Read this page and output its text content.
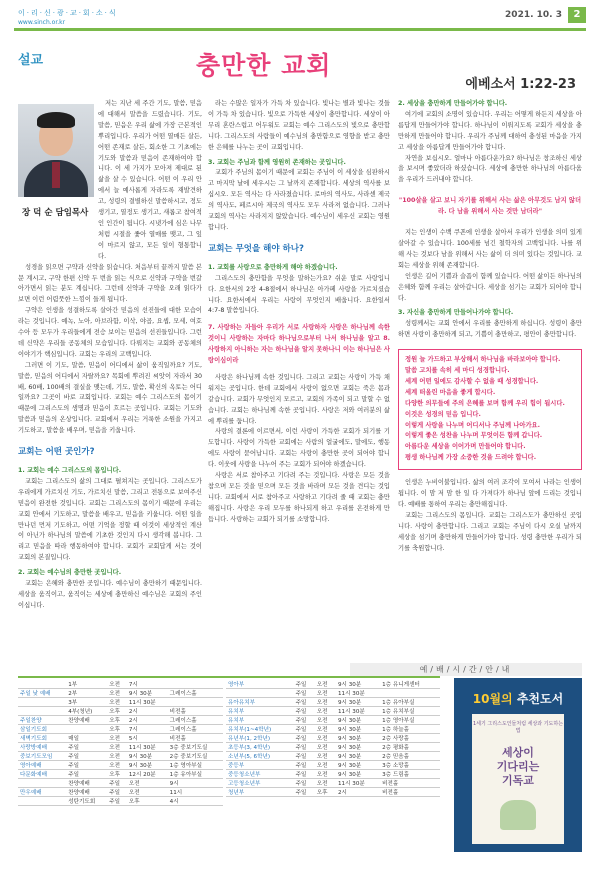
이·리·신·광·교·회·소·식
www.sinch.or.kr
2021. 10. 3	2
설교	충만한 교회
에베소서 1:22-23
장 덕 순 담임목사

저는 지난 세 주간 기도, 말씀, 믿음에 대해서 말씀을 드렸습니다. 기도, 말씀, 믿음은 우리 삶에 가장 근본적인 뿌리입니다. 우리가 어떤 열매든 살든, 어떤 존재로 살든, 회소한 그 기초에는 기도와 말씀과 믿음이 존재하여야 합니다. 이 세 가지가 모아져 제대로 된 삶을 살 수 있습니다. 어떤 이 우리 안에서 늘 예사롭게 자라도록 재발견하고, 성령의 결별하신 말씀하시고, 정도 생기고, 열정도 생기고, 새롭고 참여적인 인간이 됩니다. 시냇가에 심은 나무처럼 시절을 좇아 열매를 맺고, 그 잎이 마르지 않고, 모든 일이 형통합니다.

성경을 읽으면 구약과 신약을 읽습니다. 처음부터 끝까지 말씀 본문 계시고, 구약 한편 신약 두 번을 읽는 식으로 신약과 구약을 번갈아가면서 읽는 분도 계십니다. 그런데 신약과 구약을 오래 읽다가 보면 이런 어렴풋한 느낌이 들게 됩니다.

구약은 인생을 성결하도록 살아간 믿음의 선진들에 대한 모습이라는 것입니다. 예녹, 노아, 아브라함, 이삭, 야곱, 요셉, 모세, 여호수아 등 모두가 우리들에게 전승 보이는 믿음의 선진들입니다. 그런데 신약은 우리들 공동체의 모습입니다. 다뤄지는 교회와 공동체의 이야기가 핵심입니다. 교회는 우리의 고백입니다.

그러면 이 기도, 말씀, 믿음이 어디에서 삶이 움직일까요? 기도, 말씀, 믿음의 어디에서 자랄까요? 목회에 뿌려진 씨앗이 자라서 30배, 60배, 100배의 결실을 맺는데, 기도, 말씀, 확신의 옥토는 어디일까요? 그곳이 바로 교회입니다. 교회는 예수 그리스도의 몸이기 때문에 그리스도의 생명과 믿음이 흐르는 곳입니다. 교회는 기도와 말씀과 믿음의 온상입니다. 교회에서 우리는 거룩한 소원을 가지고 기도하고, 말씀을 배우며, 믿음을 키웁니다.

교회는 어떤 곳인가?
1. 교회는 예수 그리스도의 몸입니다.

교회는 그리스도의 삶의 그대로 펼쳐지는 곳입니다. 그리스도가 우리에게 가르치신 기도, 가르치신 말씀, 그리고 전통으로 보여주신 믿음이 완전한 것입니다. 교회는 그리스도의 몸이기 때문에 우리는 교회 안에서 기도하고, 말씀을 배우고, 믿음을 키웁니다. 어떤 일을 만나던 먼저 기도하고, 어떤 기억을 정할 때 이것이 세상적인 계산이 아닌가 하나님의 말씀에 기초한 것인지 다시 생각해 봅니다. 그리고 믿음을 따라 행동하여야 합니다. 교회가 교회답게 서는 것이 교회의 본질입니다.

2. 교회는 예수님의 충만한 곳입니다.

교회는 은혜와 충만한 곳입니다. 예수님이 충만하기 때문입니다. 세상을 움직이고, 움직이는 세상에 충만하신 예수님은 교회의 주인이십니다.

라는 수많은 일자가 가득 차 있습니다. 빛나는 별과 빛나는 것들이 가득 차 있습니다. 빛으로 가득한 세상이 충만합니다. 세상이 아무리 혼란스럽고 어두워도 교회는 예수 그리스도의 빛으로 충만합니다. 그리스도의 사람들이 예수님의 충만함으로 영향을 받고 충만한 은혜를 나누는 곳이 교회입니다.

3. 교회는 주님과 함께 영원히 존재하는 곳입니다.

교회가 주님의 몸이기 때문에 교회는 주님이 이 세상을 심판하시고 마지막 날에 세우시는 그 날까지 존재합니다. 세상의 역사를 보십시오. 모든 역사는 다 사라졌습니다. 로마의 역사도, 사라센 제국의 역사도, 페르시아 제국의 역사도 모두 사라져 없습니다. 그러나 교회의 역사는 사라지지 않았습니다. 예수님이 세우신 교회는 영원합니다.

교회는 무엇을 해야 하나?
1. 교회를 사랑으로 충만하게 해야 하겠습니다.

그리스도의 충만함을 무엇을 말하는가요? 쉬운 말로 사랑입니다. 요한서의 2장 4-8절에서 하나님은 아가페 사랑을 가르치셨습니다. 요한서에서 우리는 사랑이 무엇인지 배웁니다. 요한일서 4:7-8 말씀입니다.

7. 사랑하는 자들아 우리가 서로 사랑하자 사랑은 하나님께 속한 것이니 사랑하는 자마다 하나님으로부터 나서 하나님을 알고 8. 사랑하지 아니하는 자는 하나님을 알지 못하나니 이는 하나님은 사랑이심이라

사랑은 하나님께 속한 것입니다. 그리고 교회는 사랑이 가득 채워지는 곳입니다. 한데 교회에서 사랑이 없으면 교회는 죽은 몸과 같습니다. 교회가 무엇인지 모르고, 교회의 가족이 되고 말할 수 없습니다. 교회는 하나님께 속한 곳입니다. 사랑은 저와 여러분의 삶에 뿌리를 둡니다.

사랑의 결론에 이르면서, 이런 사랑이 가득한 교회가 되기를 기도합니다. 사랑이 가득한 교회에는 사람의 얼굴에도, 말에도, 행동에도 사랑이 묻어납니다. 교회는 사랑이 충만한 곳이 되어야 합니다. 이웃에 사랑을 나누어 주는 교회가 되어야 하겠습니다.

사랑은 서로 참아주고 기다려 주는 것입니다. 사랑은 모든 것을 참으며 모든 것을 믿으며 모든 것을 바라며 모든 것을 견디는 것입니다. 교회에서 서로 참아주고 사랑하고 기다려 줄 때 교회는 충만해집니다. 사랑은 우리 모두를 하나되게 하고 우리를 온전하게 만듭니다. 사랑하는 교회가 되기를 소망합니다.

2. 세상을 충만하게 만들어가야 합니다.

여기에 교회의 소명이 있습니다. 우리는 어떻게 하든지 세상을 아름답게 만들어가야 합니다. 하나님이 이뤄지도록 교회가 세상을 충만하게 만들어야 합니다. 우리가 주님께 대하여 충성된 마음을 가지고 세상을 아름답게 만들어가야 합니다.

자연을 보십시오. 얼마나 아름다운가요? 하나님은 창조하신 세상을 보시며 좋았더라 하셨습니다. 세상에 충만한 하나님의 아름다움을 우리가 드러내야 합니다.

"100살을 살고 보니 자기를 위해서 사는 삶은 아무것도 남지 않더라. 다 남을 위해서 사는 것만 남더라"

지는 인생이 수백 쿠폰에 인생을 살아서 우리가 인생을 의미 있게 살아갈 수 있습니다. 100세를 넘긴 철학자의 고백입니다. 나를 위해 사는 것보다 남을 위해서 사는 삶이 더 의미 있다는 것입니다. 교회는 세상을 위해 존재합니다.

인생은 길어 기쁨과 슬픔이 함께 있습니다. 어떤 삶이든 하나님의 은혜와 함께 우리는 살아갑니다. 세상을 섬기는 교회가 되어야 합니다.

3. 자신을 충만하게 만들어나가야 합니다.

성령께서는 교회 안에서 우리를 충만하게 하십니다. 성령이 충만하면 사랑이 충만하게 되고, 기쁨이 충만하고, 평안이 충만합니다.

정원 늘 가드하고 부상해서 하나님을 바라보아야 합니다.
말씀 고치를 속히 세 마디 성경합니다.
세계 어떤 일에도 감사할 수 없을 때 성경합니다.
세계 떠올린 마음을 좋게 합시다.
다양한 의무들에 주의 은혜를 보며 함께 우리 힘이 됩시다.
이것은 성경의 믿음 입니다.
이렇게 사랑을 나누며 어디서나 주님께 나아가요.
이렇게 좋은 성찬을 나누며 무엇이든 함께 갑니다.
아름다운 세상을 이어가며 만들어야 합니다.
평생 하나님께 가장 소중한 것을 드려야 합니다.

인생은 누비이불입니다. 삶의 여러 조각이 모여서 나라는 인생이 됩니다. 이 맘 저 맘 한 일 다 가져다가 하나님 앞에 드리는 것입니다. 예배를 통하여 우리는 충만해집니다.

교회는 그리스도의 몸입니다. 교회는 그리스도가 충만하신 곳입니다. 사랑이 충만합니다. 그리고 교회는 주님이 다시 오실 날까지 세상을 섬기며 충만하게 만들어가야 합니다. 성령 충만한 우리가 되기를 축원합니다.

예/배/시/간/안/내
	1부	오전	7시	
주일 낮 예배	2부	오전	9시 30분	그레이스홀
	3부	오전	11시 30분	
	4부(청년)	오후	2시	비전홀
주일찬양	찬양예배	오후	2시	그레이스홀
삼일기도회		오후	7시	그레이스홀
새벽기도회	매일	오전	5시	비전홀
사랑방예배	주일	오전	11시 30분	3층 중보기도실
중보기도모임	주일	오전	9시 30분	2층 중보기도실
영아예배	주일	오전	9시 30분	1층 영아부실
다문화예배	주일	오후	12시 20분	1층 유아부실
	찬양예배	주일	오전	9시
만우예배	찬양예배	주일	오전	11시
	성탄기도회	주일	오후	4시
영아부	주일	오전	9시 30분	1층 유니게센터
	주일	오전	11시 30분	
유아유치부	주일	오전	9시 30분	1층 유아부실
유치부	주일	오전	11시 30분	1층 유치부실
유치부	주일	오전	9시 30분	1층 영아부실
유치부(1~4학년)	주일	오전	9시 30분	1층 하늘홀
유년부(1, 2학년)	주일	오전	9시 30분	2층 사랑홀
초등부(3, 4학년)	주일	오전	9시 30분	2층 평화홀
소년부(5, 6학년)	주일	오전	9시 30분	2층 믿음홀
중등부	주일	오전	9시 30분	3층 소망홀
중등청소년부	주일	오전	9시 30분	3층 드림홀
고등청소년부	주일	오전	11시 30분	비전홀
청년부	주일	오후	2시	비전홀
10월의 추천도서
1세기 그리스도인들처럼 세상과 기도하는 법
세상이
기다리는
기독교
